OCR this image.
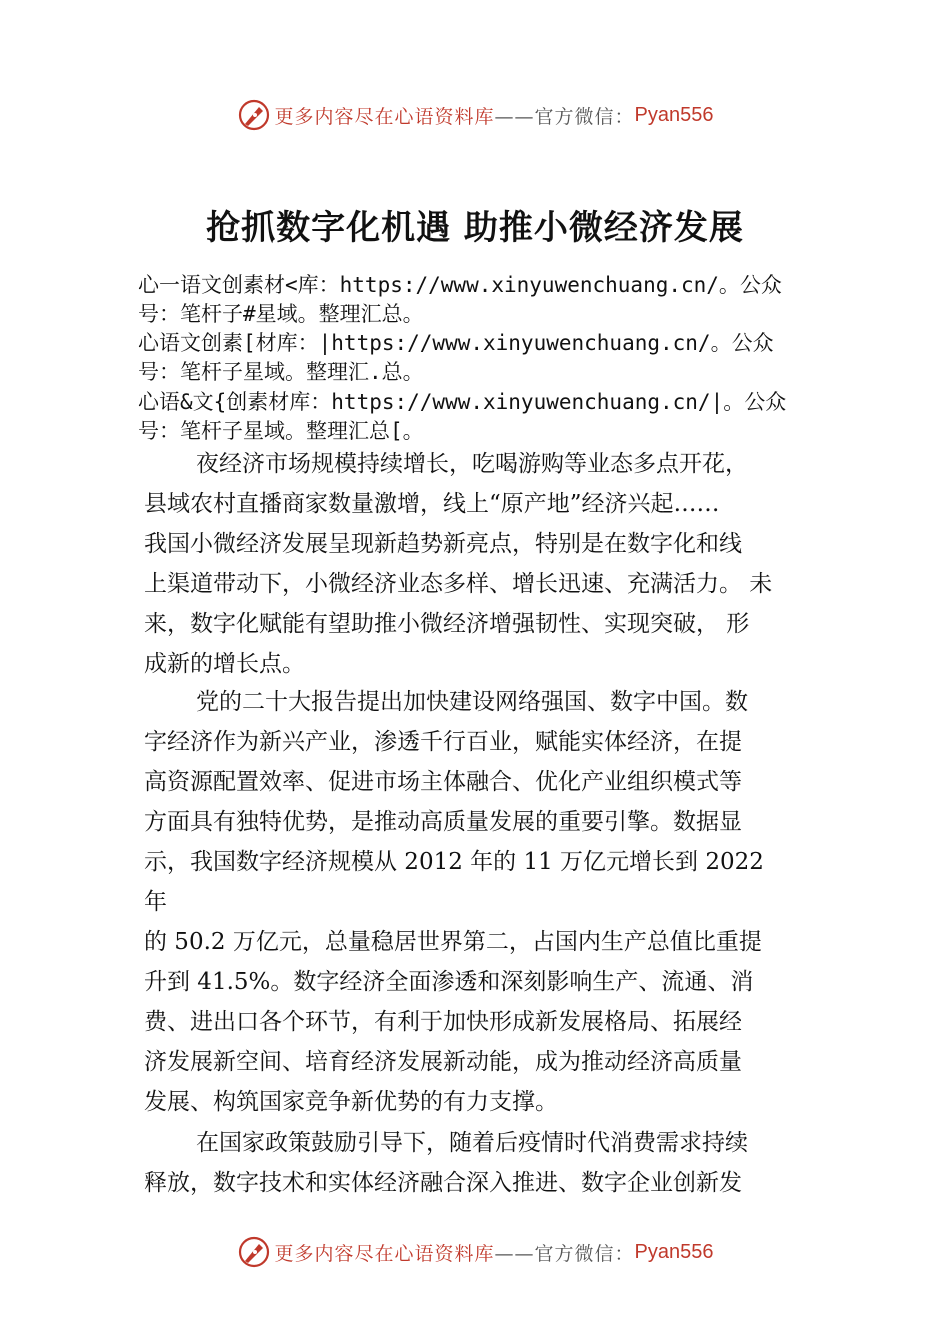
更多内容尽在心语资料库 ——官方微信： Pyan556
抢抓数字化机遇 助推小微经济发展
心一语文创素材<库：https://www.xinyuwenchuang.cn/。公众
号：笔杆子#星域。整理汇总。
心语文创素[材库：|https://www.xinyuwenchuang.cn/。公众
号：笔杆子星域。整理汇.总。
心语&文{创素材库：https://www.xinyuwenchuang.cn/|。公众
号：笔杆子星域。整理汇总[。
夜经济市场规模持续增长，吃喝游购等业态多点开花，
县域农村直播商家数量激增，线上“原产地”经济兴起……
我国小微经济发展呈现新趋势新亮点，特别是在数字化和线
上渠道带动下，小微经济业态多样、增长迅速、充满活力。 未
来，数字化赋能有望助推小微经济增强韧性、实现突破， 形
成新的增长点。
党的二十大报告提出加快建设网络强国、数字中国。数
字经济作为新兴产业，渗透千行百业，赋能实体经济，在提
高资源配置效率、促进市场主体融合、优化产业组织模式等
方面具有独特优势，是推动高质量发展的重要引擎。数据显
示，我国数字经济规模从 2012 年的 11 万亿元增长到 2022
年
的 50.2 万亿元，总量稳居世界第二，占国内生产总值比重提
升到 41.5%。数字经济全面渗透和深刻影响生产、流通、消
费、进出口各个环节，有利于加快形成新发展格局、拓展经
济发展新空间、培育经济发展新动能，成为推动经济高质量
发展、构筑国家竞争新优势的有力支撑。
在国家政策鼓励引导下，随着后疫情时代消费需求持续
释放，数字技术和实体经济融合深入推进、数字企业创新发
更多内容尽在心语资料库 ——官方微信： Pyan556
